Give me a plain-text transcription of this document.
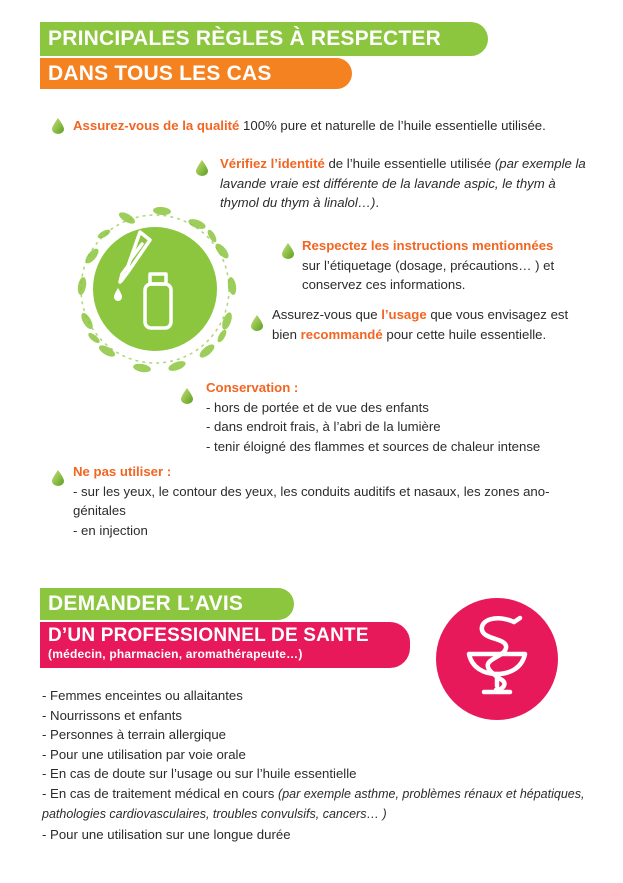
PRINCIPALES RÈGLES À RESPECTER
DANS TOUS LES CAS
Assurez-vous de la qualité 100% pure et naturelle de l’huile essentielle utilisée.
Vérifiez l’identité de l’huile essentielle utilisée (par exemple la lavande vraie est différente de la lavande aspic, le thym à thymol du thym à linalol…).
Respectez les instructions mentionnées
sur l’étiquetage (dosage, précautions… ) et conservez ces informations.
Assurez-vous que l’usage que vous envisagez est bien recommandé pour cette huile essentielle.
Conservation :
- hors de portée et de vue des enfants
- dans endroit frais, à l’abri de la lumière
- tenir éloigné des flammes et sources de chaleur intense
Ne pas utiliser :
- sur les yeux, le contour des yeux, les conduits auditifs et nasaux, les zones ano-génitales
- en injection
DEMANDER L’AVIS
D’UN PROFESSIONNEL DE SANTE
(médecin, pharmacien, aromathérapeute…)
- Femmes enceintes ou allaitantes
- Nourrissons et enfants
- Personnes à terrain allergique
- Pour une utilisation par voie orale
- En cas de doute sur l’usage ou sur l’huile essentielle
- En cas de traitement médical en cours (par exemple asthme, problèmes rénaux et hépatiques, pathologies cardiovasculaires, troubles convulsifs, cancers… )
- Pour une utilisation sur une longue durée
